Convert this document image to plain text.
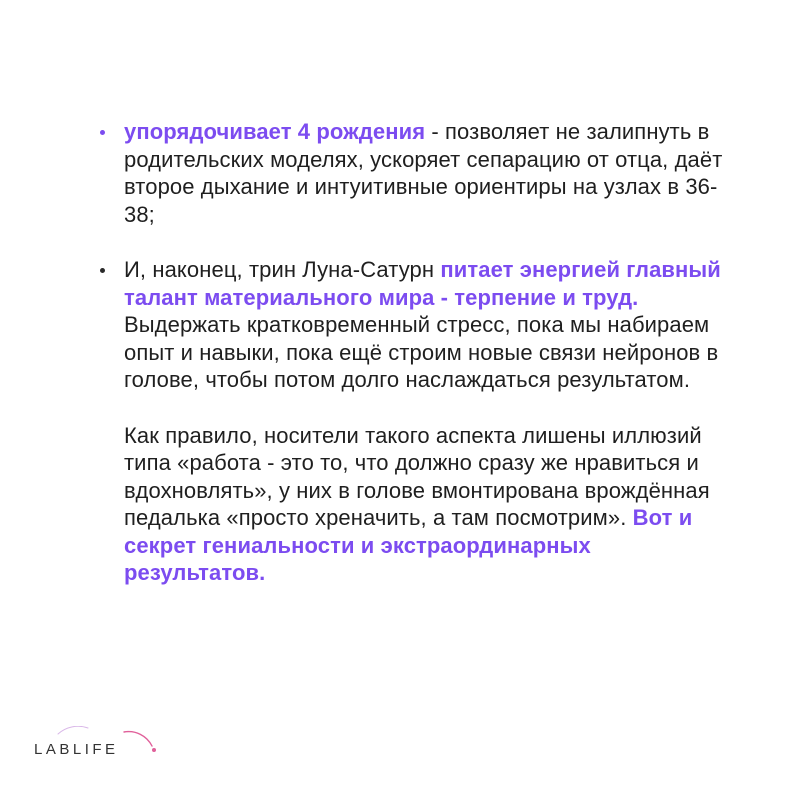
упорядочивает 4 рождения - позволяет не залипнуть в родительских моделях, ускоряет сепарацию от отца, даёт второе дыхание и интуитивные ориентиры на узлах в 36-38;

И, наконец, трин Луна-Сатурн питает энергией главный талант материального мира - терпение и труд. Выдержать кратковременный стресс, пока мы набираем опыт и навыки, пока ещё строим новые связи нейронов в голове, чтобы потом долго наслаждаться результатом.

Как правило, носители такого аспекта лишены иллюзий типа «работа - это то, что должно сразу же нравиться и вдохновлять», у них в голове вмонтирована врождённая педалька «просто хреначить, а там посмотрим». Вот и секрет гениальности и экстраординарных результатов.

LABLIFE
